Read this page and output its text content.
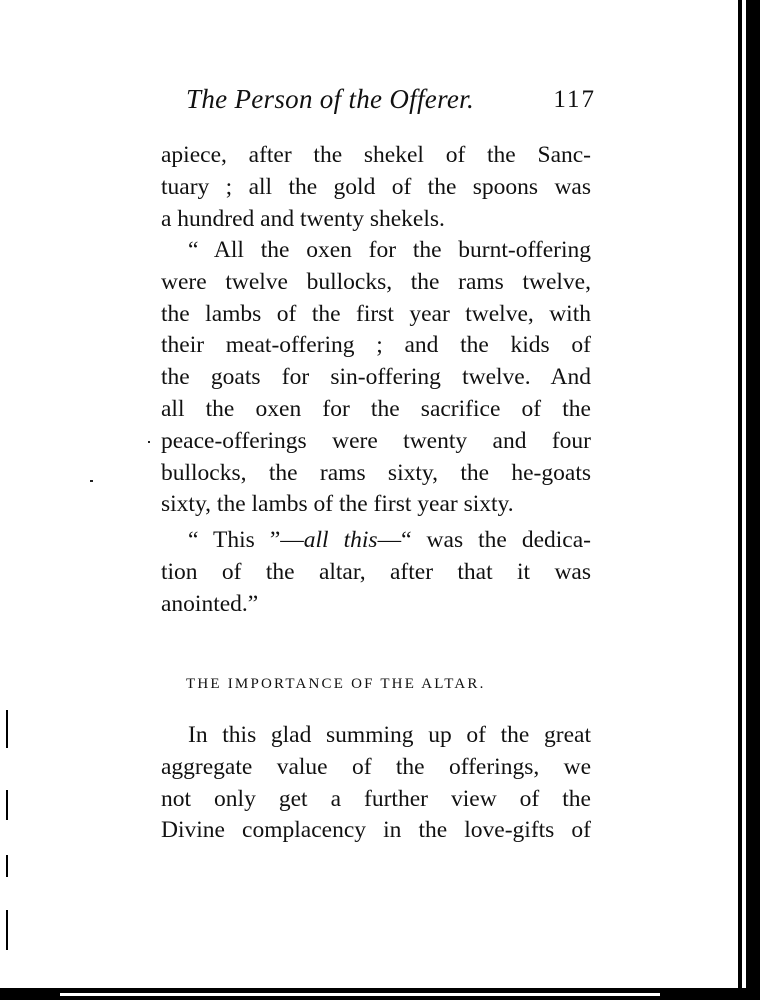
The Person of the Offerer.	117
apiece, after the shekel of the Sanc-
tuary ; all the gold of the spoons was
a hundred and twenty shekels.
“ All the oxen for the burnt-offering
were twelve bullocks, the rams twelve,
the lambs of the first year twelve, with
their meat-offering ; and the kids of
the goats for sin-offering twelve. And
all the oxen for the sacrifice of the
peace-offerings were twenty and four
bullocks, the rams sixty, the he-goats
sixty, the lambs of the first year sixty.
“ This ”—all this—“ was the dedica-
tion of the altar, after that it was
anointed.”
THE IMPORTANCE OF THE ALTAR.
In this glad summing up of the great
aggregate value of the offerings, we
not only get a further view of the
Divine complacency in the love-gifts of
